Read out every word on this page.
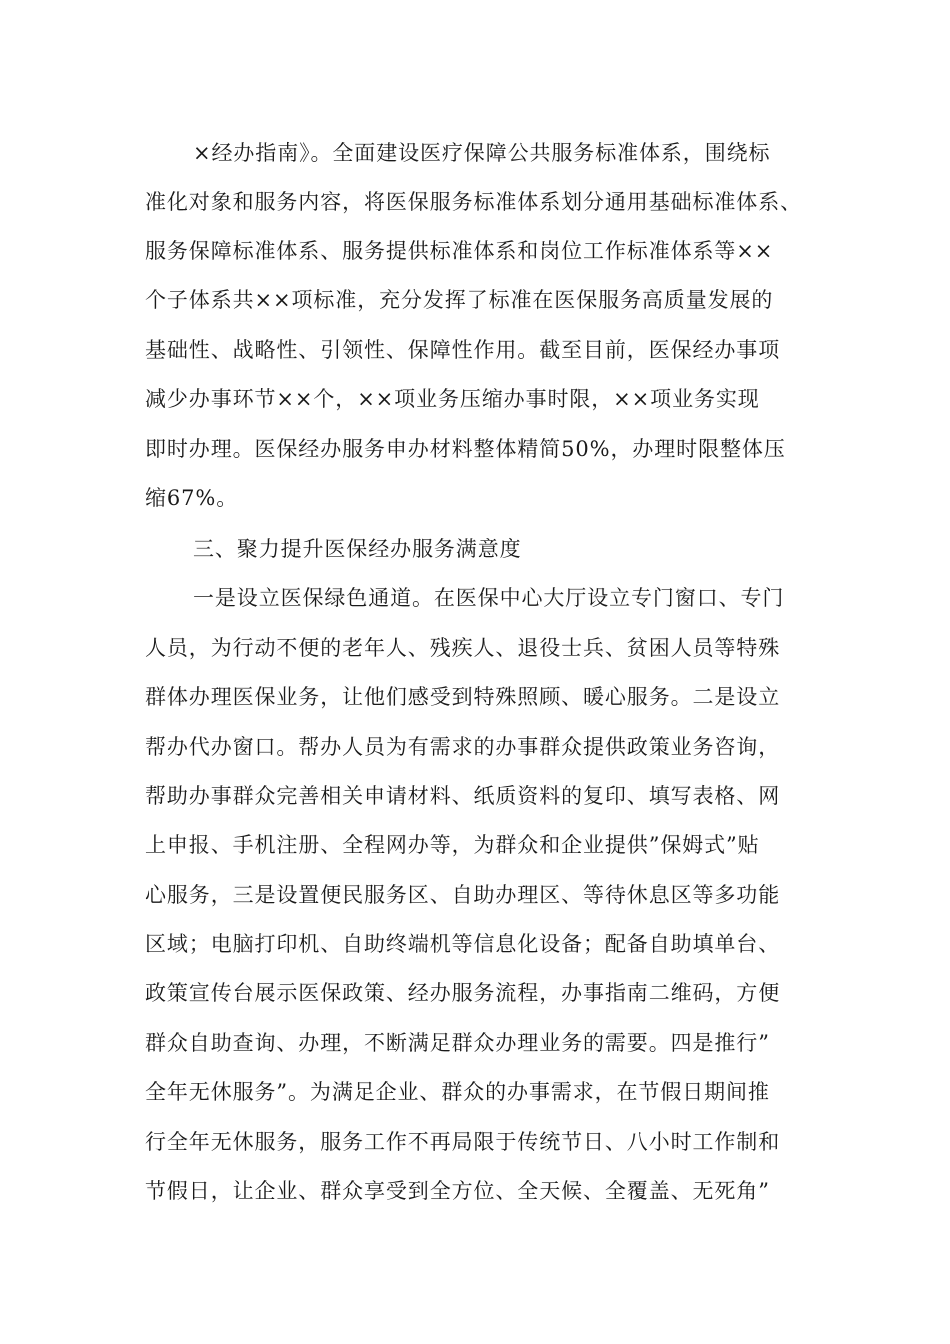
×经办指南》。全面建设医疗保障公共服务标准体系，围绕标
准化对象和服务内容，将医保服务标准体系划分通用基础标准体系、
服务保障标准体系、服务提供标准体系和岗位工作标准体系等××
个子体系共××项标准，充分发挥了标准在医保服务高质量发展的
基础性、战略性、引领性、保障性作用。截至目前，医保经办事项
减少办事环节××个，××项业务压缩办事时限，××项业务实现
即时办理。医保经办服务申办材料整体精简50%，办理时限整体压
缩67%。
三、聚力提升医保经办服务满意度
一是设立医保绿色通道。在医保中心大厅设立专门窗口、专门
人员，为行动不便的老年人、残疾人、退役士兵、贫困人员等特殊
群体办理医保业务，让他们感受到特殊照顾、暖心服务。二是设立
帮办代办窗口。帮办人员为有需求的办事群众提供政策业务咨询，
帮助办事群众完善相关申请材料、纸质资料的复印、填写表格、网
上申报、手机注册、全程网办等，为群众和企业提供”保姆式”贴
心服务，三是设置便民服务区、自助办理区、等待休息区等多功能
区域；电脑打印机、自助终端机等信息化设备；配备自助填单台、
政策宣传台展示医保政策、经办服务流程，办事指南二维码，方便
群众自助查询、办理，不断满足群众办理业务的需要。四是推行”
全年无休服务”。为满足企业、群众的办事需求，在节假日期间推
行全年无休服务，服务工作不再局限于传统节日、八小时工作制和
节假日，让企业、群众享受到全方位、全天候、全覆盖、无死角”
